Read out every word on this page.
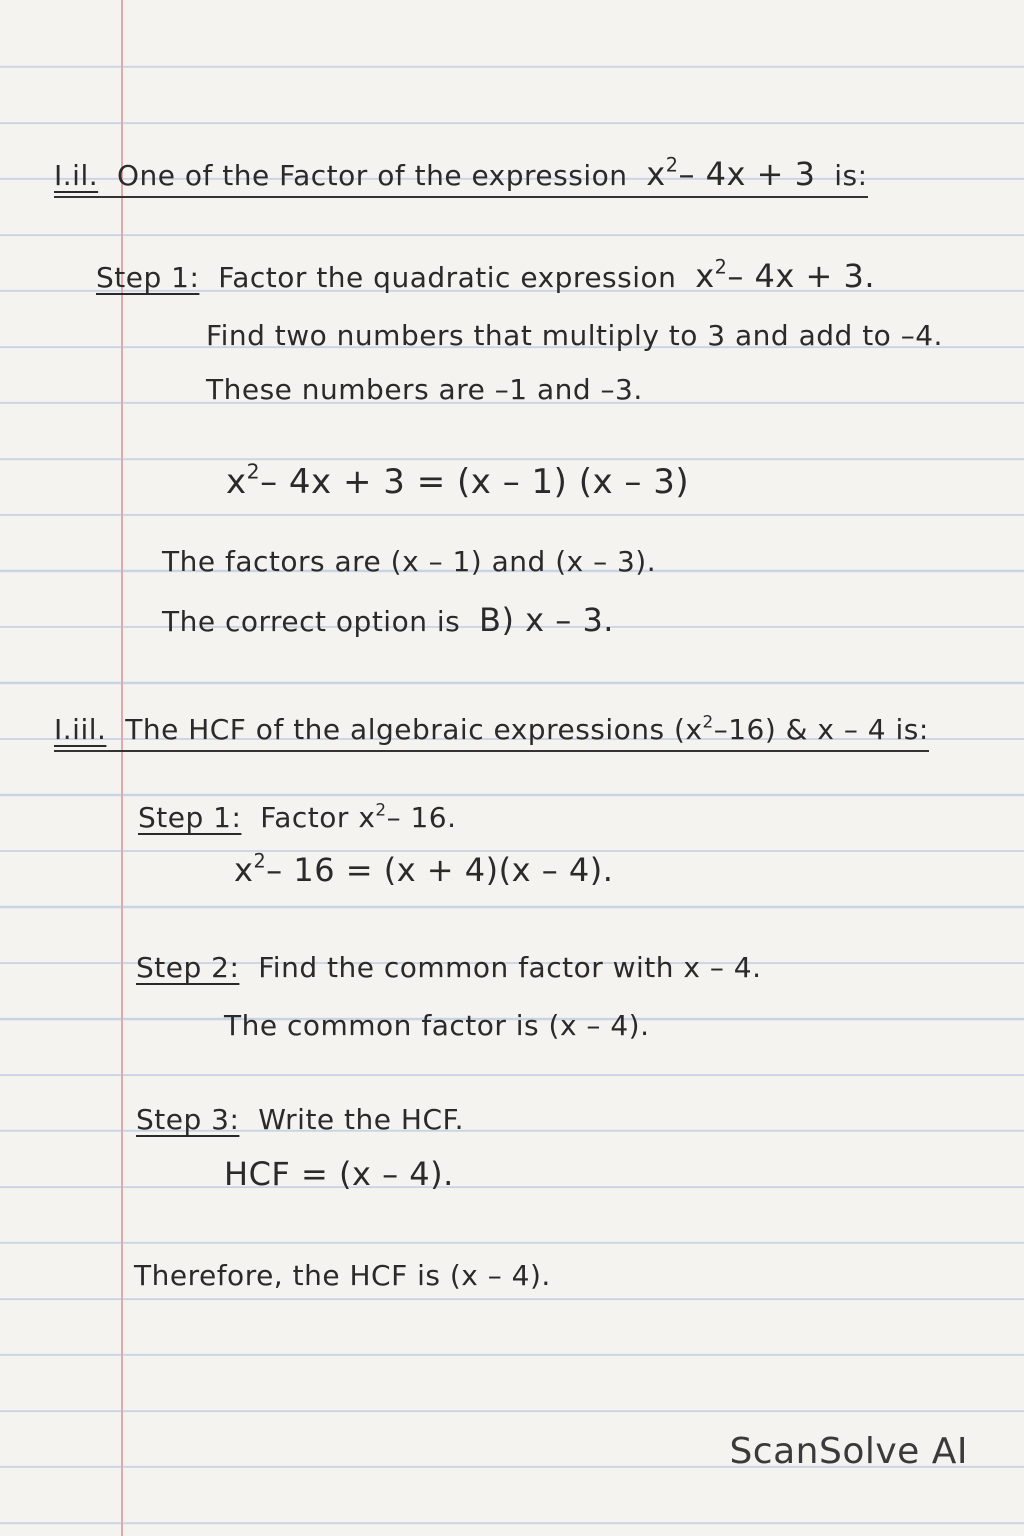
I.il. One of the Factor of the expression $x^2-$ 4x + 3 is:
Step 1: Factor the quadratic expression $x^2-$ 4x + 3.
Find two numbers that multiply to 3 and add to –4.
These numbers are –1 and –3.
$x^2-$ 4x + 3 = (x – 1) (x – 3)
The factors are (x – 1) and (x – 3).
The correct option is B) x – 3.
I.iil. The HCF of the algebraic expressions $(x^2-16)$ & x – 4 is:
Step 1: Factor $x^2-$ 16.
$x^2-$ 16 = (x + 4)(x – 4).
Step 2: Find the common factor with x – 4.
The common factor is (x – 4).
Step 3: Write the HCF.
HCF = (x – 4).
Therefore, the HCF is (x – 4).
ScanSolve AI
